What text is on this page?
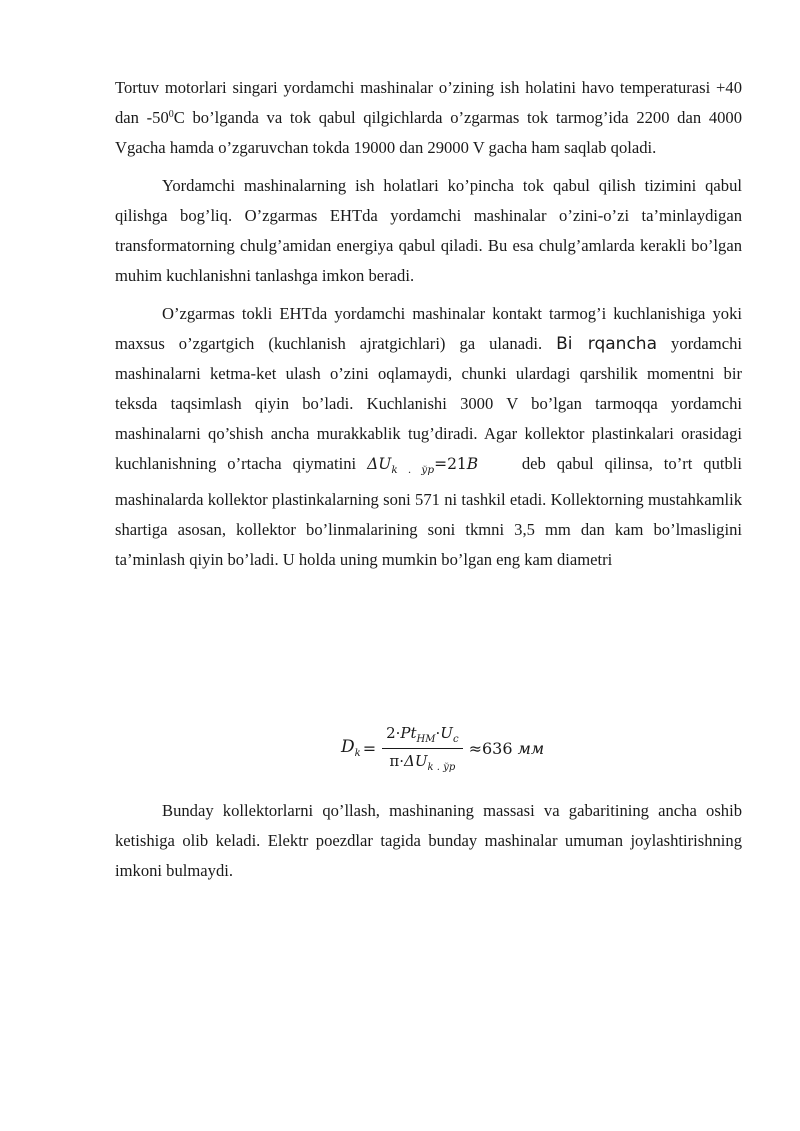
Tortuv motorlari singari yordamchi mashinalar o’zining ish holatini havo temperaturasi +40 dan $-50^0C$ bo’lganda va tok qabul qilgichlarda o’zgarmas tok tarmog’ida 2200 dan 4000 Vgacha hamda o’zgaruvchan tokda 19000 dan 29000 V gacha ham saqlab qoladi.

Yordamchi mashinalarning ish holatlari ko’pincha tok qabul qilish tizimini qabul qilishga bog’liq. O’zgarmas EHTda yordamchi mashinalar o’zini-o’zi ta’minlaydigan transformatorning chulg’amidan energiya qabul qiladi. Bu esa chulg’amlarda kerakli bo’lgan muhim kuchlanishni tanlashga imkon beradi.

O’zgarmas tokli EHTda yordamchi mashinalar kontakt tarmog’i kuchlanishiga yoki maxsus o’zgartgich (kuchlanish ajratgichlari) ga ulanadi. Bi rqancha yordamchi mashinalarni ketma-ket ulash o’zini oqlamaydi, chunki ulardagi qarshilik momentni bir teksda taqsimlash qiyin bo’ladi. Kuchlanishi 3000 V bo’lgan tarmoqqa yordamchi mashinalarni qo’shish ancha murakkablik tug’diradi. Agar kollektor plastinkalari orasidagi kuchlanishning o’rtacha qiymatini $\Delta U_{k . ўр}=21B$	deb qabul qilinsa, to’rt qutbli mashinalarda kollektor plastinkalarning soni 571 ni tashkil etadi. Kollektorning mustahkamlik shartiga asosan, kollektor bo’linmalarining soni tkmni 3,5 mm dan kam bo’lmasligini ta’minlash qiyin bo’ladi. U holda uning mumkin bo’lgan eng kam diametri

$D_k = \frac{2\cdot Pt_{НМ}\cdot U_c}{\pi\cdot\Delta U_{k . ўр}} \approx 636$ мм

Bunday kollektorlarni qo’llash, mashinaning massasi va gabaritining ancha oshib ketishiga olib keladi. Elektr poezdlar tagida bunday mashinalar umuman joylashtirishning imkoni bulmaydi.
